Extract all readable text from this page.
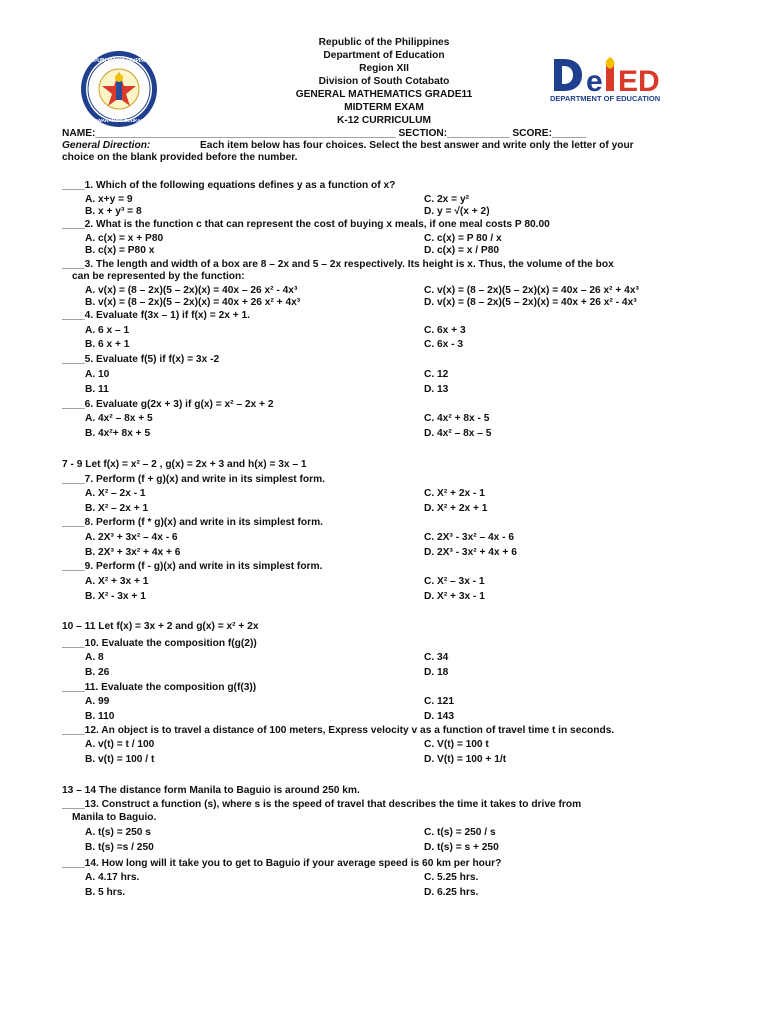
REPUBLIKA NG PILIPINAS
KAGAWARAN NG EDUKASYON
e ED
DEPARTMENT OF EDUCATION
Republic of the Philippines
Department of Education
Region XII
Division of South Cotabato
GENERAL MATHEMATICS GRADE11
MIDTERM EXAM
K-12 CURRICULUM
NAME:_____________________________________________________ SECTION:___________ SCORE:______
General Direction:	Each item below has four choices. Select the best answer and write only the letter of your
choice on the blank provided before the number.
____1. Which of the following equations defines y as a function of x?
____2. What is the function c that can represent the cost of buying x meals, if one meal costs P 80.00
____3. The length and width of a box are 8 – 2x and 5 – 2x respectively. Its height is x. Thus, the volume of the box
can be represented by the function:
____4. Evaluate f(3x – 1) if f(x) = 2x + 1.
____5. Evaluate f(5) if f(x) = 3x -2
____6. Evaluate g(2x + 3) if g(x) = x² – 2x + 2
7 - 9 Let f(x) = x² – 2 , g(x) = 2x + 3 and h(x) = 3x – 1
____7. Perform (f + g)(x) and write in its simplest form.
____8. Perform (f * g)(x) and write in its simplest form.
____9. Perform (f - g)(x) and write in its simplest form.
10 – 11 Let f(x) = 3x + 2 and g(x) = x² + 2x
____10. Evaluate the composition f(g(2))
____11. Evaluate the composition g(f(3))
____12. An object is to travel a distance of 100 meters, Express velocity v as a function of travel time t in seconds.
13 – 14 The distance form Manila to Baguio is around 250 km.
____13. Construct a function (s), where s is the speed of travel that describes the time it takes to drive from
Manila to Baguio.
____14. How long will it take you to get to Baguio if your average speed is 60 km per hour?
A. x+y = 9	C. 2x = y²
B. x + y³ = 8	D. y = √(x + 2)
A. c(x) = x + P80	C. c(x) = P 80 / x
B. c(x) = P80 x	D. c(x) = x / P80
A. v(x) = (8 – 2x)(5 – 2x)(x) = 40x – 26 x² - 4x³	C. v(x) = (8 – 2x)(5 – 2x)(x) = 40x – 26 x² + 4x³
B. v(x) = (8 – 2x)(5 – 2x)(x) = 40x + 26 x² + 4x³	D. v(x) = (8 – 2x)(5 – 2x)(x) = 40x + 26 x² - 4x³
A. 6 x – 1	C. 6x + 3
B. 6 x + 1	C. 6x - 3
A. 10	C. 12
B. 11	D. 13
A. 4x² – 8x + 5	C. 4x² + 8x - 5
B. 4x²+ 8x + 5	D. 4x² – 8x – 5
A. X² – 2x - 1	C. X² + 2x - 1
B. X² – 2x + 1	D. X² + 2x + 1
A. 2X³ + 3x² – 4x - 6	C. 2X³ - 3x² – 4x - 6
B. 2X³ + 3x² + 4x + 6	D. 2X³ - 3x² + 4x + 6
A. X² + 3x + 1	C. X² – 3x - 1
B. X² - 3x + 1	D. X² + 3x - 1
A. 8	C. 34
B. 26	D. 18
A. 99	C. 121
B. 110	D. 143
A. v(t) = t / 100	C. V(t) = 100 t
B. v(t) = 100 / t	D. V(t) = 100 + 1/t
A. t(s) = 250 s	C. t(s) = 250 / s
B. t(s) =s / 250	D. t(s) = s + 250
A. 4.17 hrs.	C. 5.25 hrs.
B. 5 hrs.	D. 6.25 hrs.
